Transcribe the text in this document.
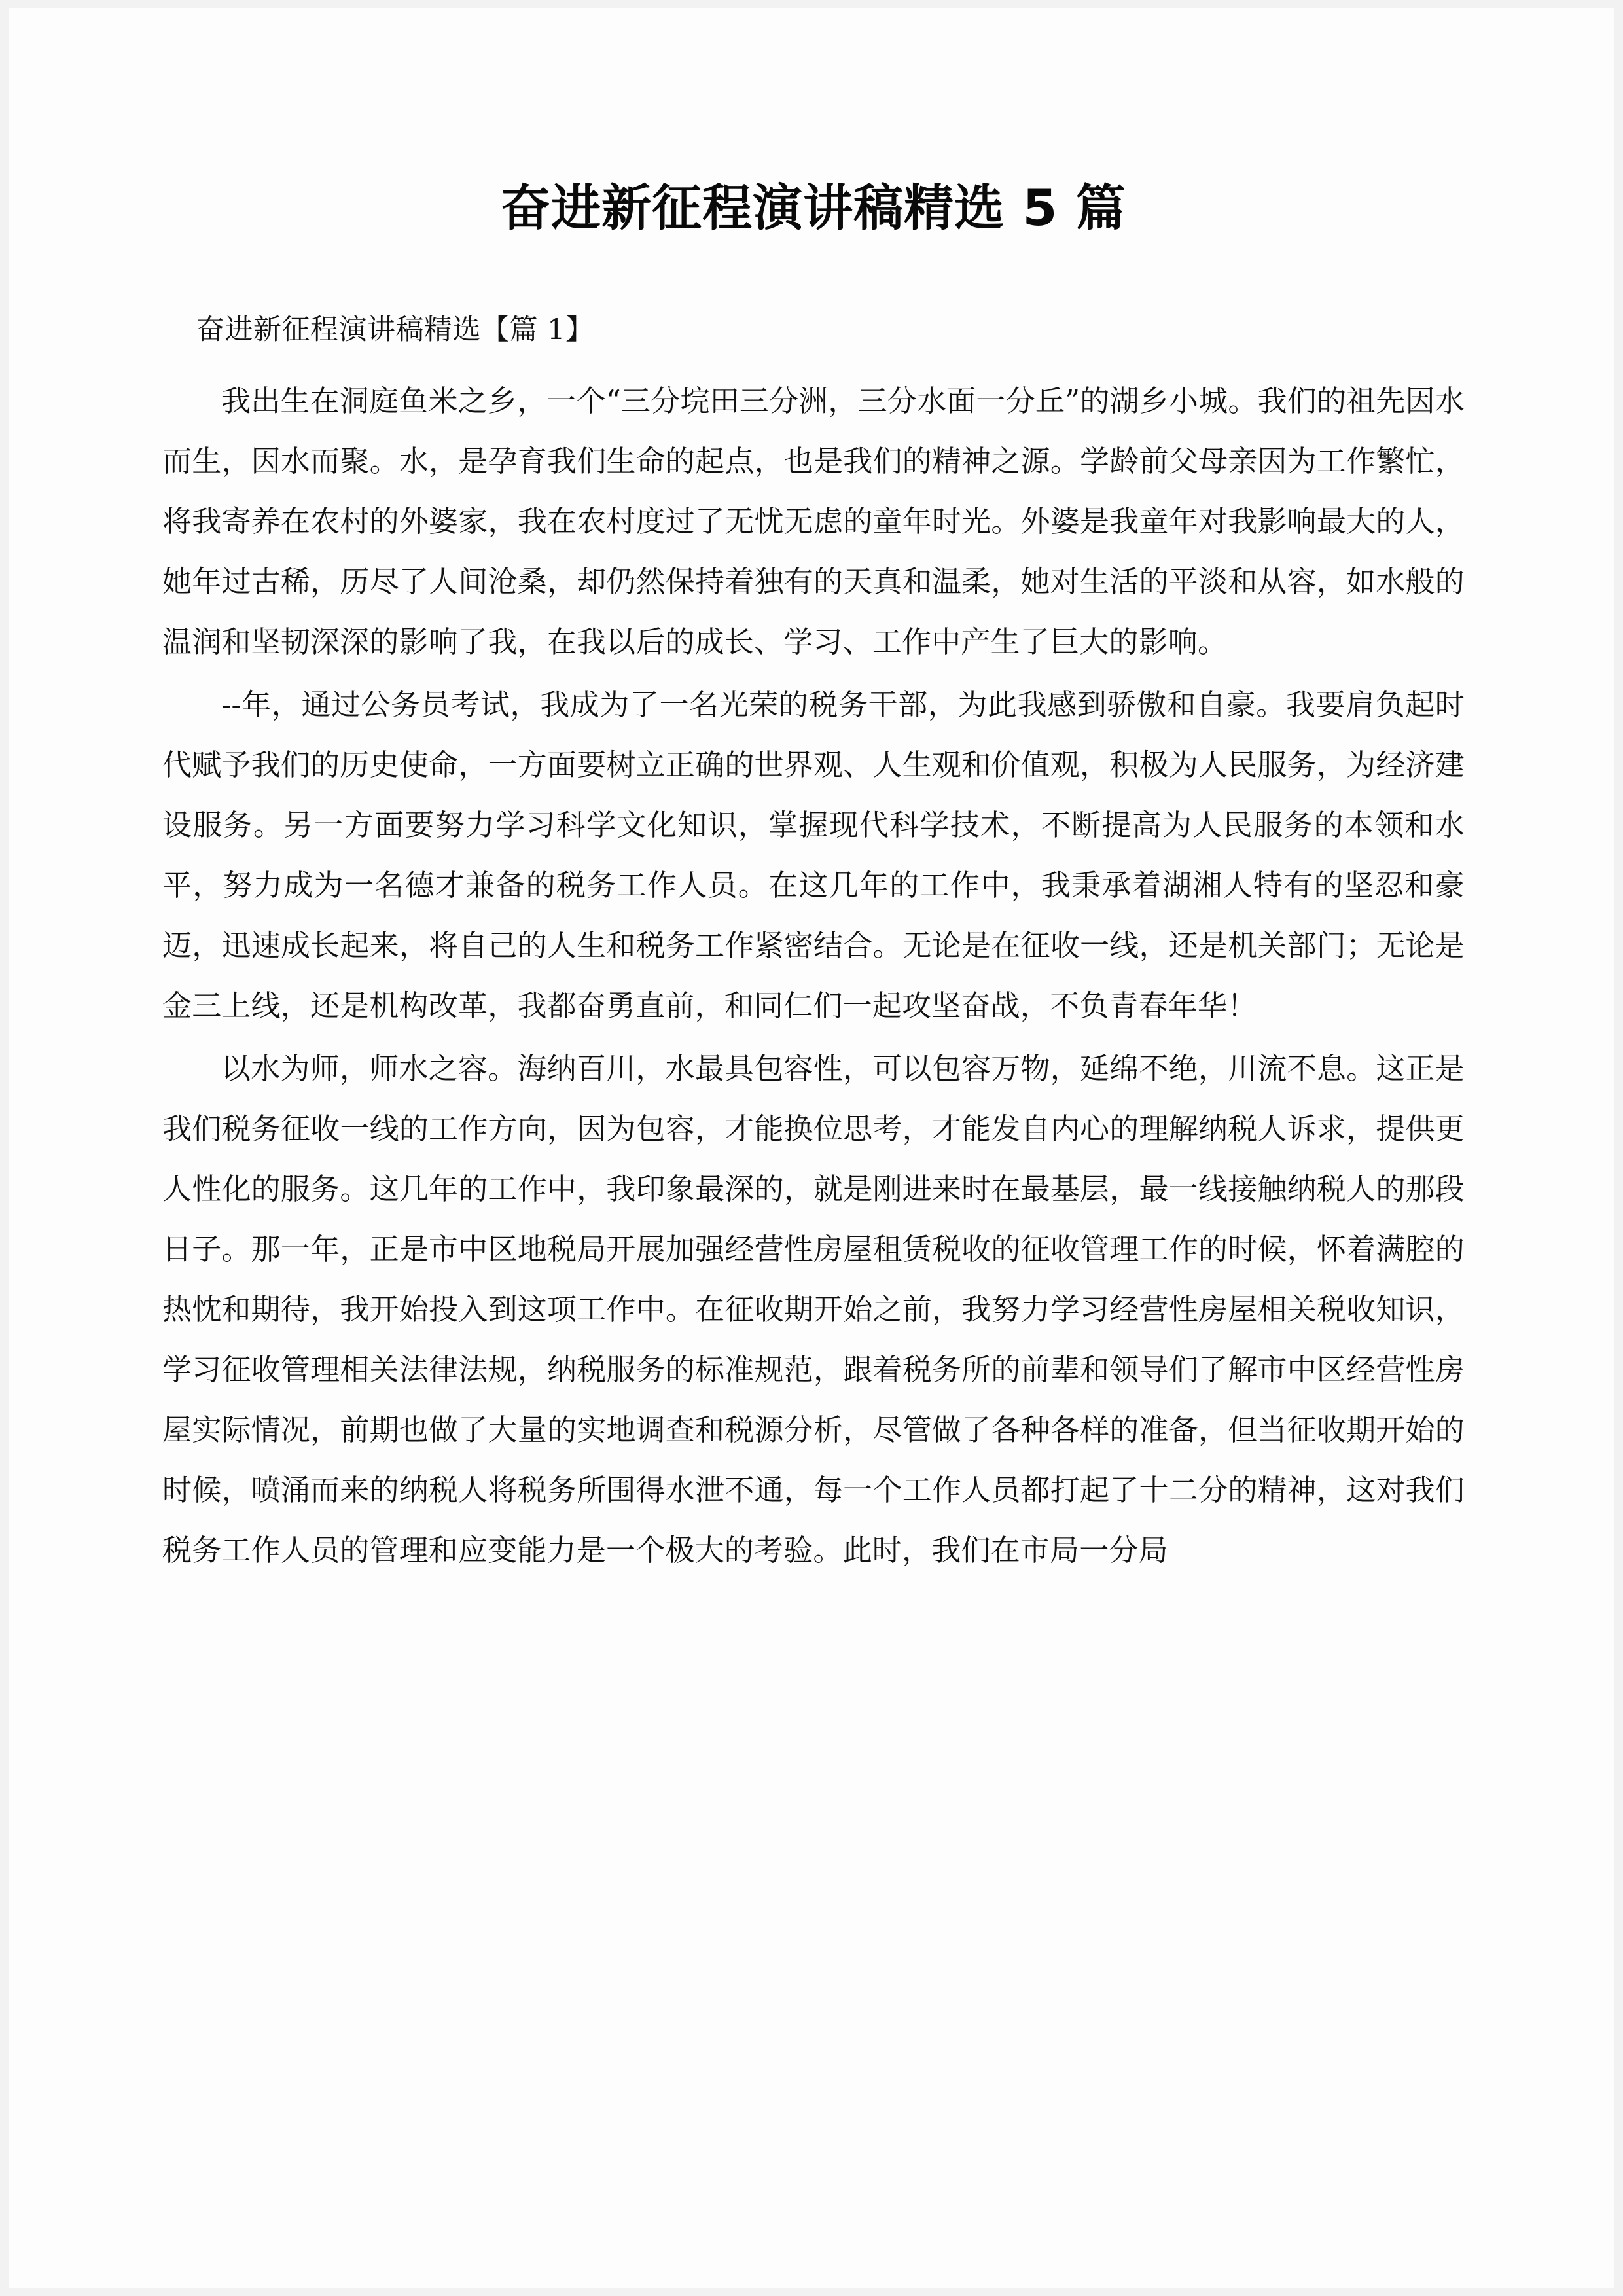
奋进新征程演讲稿精选 5 篇

奋进新征程演讲稿精选【篇 1】

我出生在洞庭鱼米之乡，一个“三分垸田三分洲，三分水面一分丘”的湖乡小城。我们的祖先因水而生，因水而聚。水，是孕育我们生命的起点，也是我们的精神之源。学龄前父母亲因为工作繁忙，将我寄养在农村的外婆家，我在农村度过了无忧无虑的童年时光。外婆是我童年对我影响最大的人，她年过古稀，历尽了人间沧桑，却仍然保持着独有的天真和温柔，她对生活的平淡和从容，如水般的温润和坚韧深深的影响了我，在我以后的成长、学习、工作中产生了巨大的影响。

--年，通过公务员考试，我成为了一名光荣的税务干部，为此我感到骄傲和自豪。我要肩负起时代赋予我们的历史使命，一方面要树立正确的世界观、人生观和价值观，积极为人民服务，为经济建设服务。另一方面要努力学习科学文化知识，掌握现代科学技术，不断提高为人民服务的本领和水平，努力成为一名德才兼备的税务工作人员。在这几年的工作中，我秉承着湖湘人特有的坚忍和豪迈，迅速成长起来，将自己的人生和税务工作紧密结合。无论是在征收一线，还是机关部门；无论是金三上线，还是机构改革，我都奋勇直前，和同仁们一起攻坚奋战，不负青春年华！

以水为师，师水之容。海纳百川，水最具包容性，可以包容万物，延绵不绝，川流不息。这正是我们税务征收一线的工作方向，因为包容，才能换位思考，才能发自内心的理解纳税人诉求，提供更人性化的服务。这几年的工作中，我印象最深的，就是刚进来时在最基层，最一线接触纳税人的那段日子。那一年，正是市中区地税局开展加强经营性房屋租赁税收的征收管理工作的时候，怀着满腔的热忱和期待，我开始投入到这项工作中。在征收期开始之前，我努力学习经营性房屋相关税收知识，学习征收管理相关法律法规，纳税服务的标准规范，跟着税务所的前辈和领导们了解市中区经营性房屋实际情况，前期也做了大量的实地调查和税源分析，尽管做了各种各样的准备，但当征收期开始的时候，喷涌而来的纳税人将税务所围得水泄不通，每一个工作人员都打起了十二分的精神，这对我们税务工作人员的管理和应变能力是一个极大的考验。此时，我们在市局一分局
